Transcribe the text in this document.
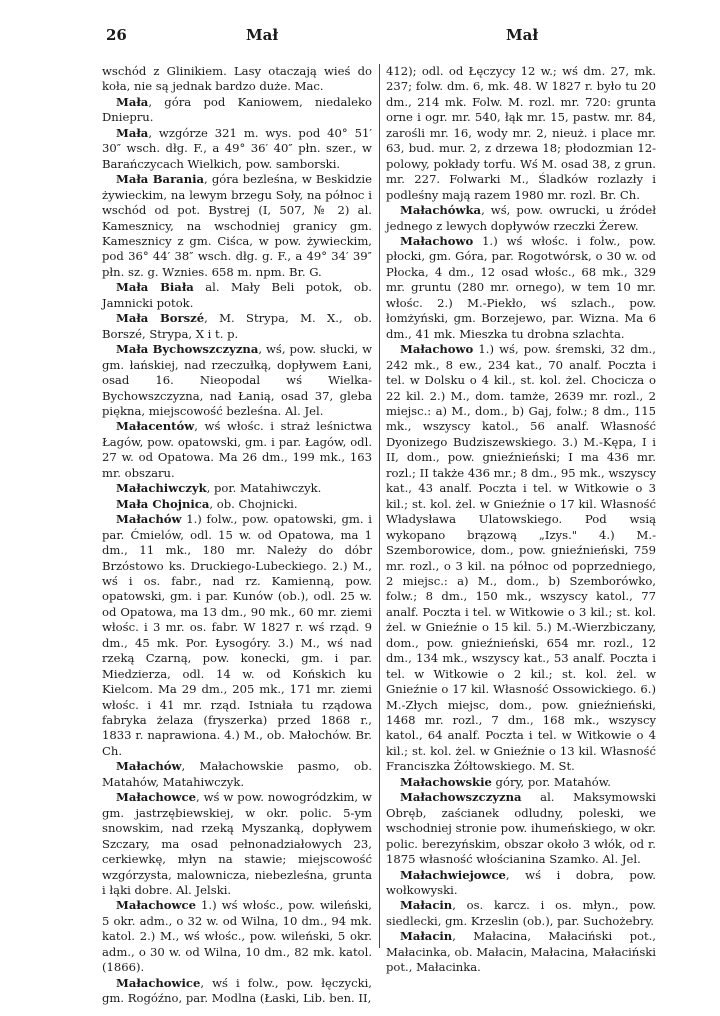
26	Mał	Mał

wschód z Glinikiem. Lasy otaczają wieś do koła, nie są jednak bardzo duże. Mac.

Mała, góra pod Kaniowem, niedaleko Dniepru.

Mała, wzgórze 321 m. wys. pod 40° 51′ 30″ wsch. dłg. F., a 49° 36′ 40″ płn. szer., w Barańczycach Wielkich, pow. samborski.

Mała Barania, góra bezleśna, w Beskidzie żywieckim, na lewym brzegu Soły, na północ i wschód od pot. Bystrej (I, 507, № 2) al. Kamesznicy, na wschodniej granicy gm. Kamesznicy z gm. Ciśca, w pow. żywieckim, pod 36° 44′ 38″ wsch. dłg. g. F., a 49° 34′ 39″ płn. sz. g. Wznies. 658 m. npm. Br. G.

Mała Biała al. Mały Beli potok, ob. Jamnicki potok.

Mała Borszé, M. Strypa, M. X., ob. Borszé, Strypa, X i t. p.

Mała Bychowszczyzna, wś, pow. słucki, w gm. łańskiej, nad rzeczułką, dopływem Łani, osad 16. Nieopodal wś Wielka-Bychowszczyzna, nad Łanią, osad 37, gleba piękna, miejscowość bezleśna. Al. Jel.

Małacentów, wś włośc. i straż leśnictwa Łagów, pow. opatowski, gm. i par. Łagów, odl. 27 w. od Opatowa. Ma 26 dm., 199 mk., 163 mr. obszaru.

Małachiwczyk, por. Matahiwczyk.

Mała Chojnica, ob. Chojnicki.

Małachów 1.) folw., pow. opatowski, gm. i par. Ćmielów, odl. 15 w. od Opatowa, ma 1 dm., 11 mk., 180 mr. Należy do dóbr Brzóstowo ks. Druckiego-Lubeckiego. 2.) M., wś i os. fabr., nad rz. Kamienną, pow. opatowski, gm. i par. Kunów (ob.), odl. 25 w. od Opatowa, ma 13 dm., 90 mk., 60 mr. ziemi włośc. i 3 mr. os. fabr. W 1827 r. wś rząd. 9 dm., 45 mk. Por. Łysogóry. 3.) M., wś nad rzeką Czarną, pow. konecki, gm. i par. Miedzierza, odl. 14 w. od Końskich ku Kielcom. Ma 29 dm., 205 mk., 171 mr. ziemi włośc. i 41 mr. rząd. Istniała tu rządowa fabryka żelaza (fryszerka) przed 1868 r., 1833 r. naprawiona. 4.) M., ob. Małochów. Br. Ch.

Małachów, Małachowskie pasmo, ob. Matahów, Matahiwczyk.

Małachowce, wś w pow. nowogródzkim, w gm. jastrzębiewskiej, w okr. polic. 5-ym snowskim, nad rzeką Myszanką, dopływem Szczary, ma osad pełnonadziałowych 23, cerkiewkę, młyn na stawie; miejscowość wzgórzysta, malownicza, niebezleśna, grunta i łąki dobre. Al. Jelski.

Małachowce 1.) wś włośc., pow. wileński, 5 okr. adm., o 32 w. od Wilna, 10 dm., 94 mk. katol. 2.) M., wś włośc., pow. wileński, 5 okr. adm., o 30 w. od Wilna, 10 dm., 82 mk. katol. (1866).

Małachowice, wś i folw., pow. łęczycki, gm. Rogóźno, par. Modlna (Łaski, Lib. ben. II,

412); odl. od Łęczycy 12 w.; wś dm. 27, mk. 237; folw. dm. 6, mk. 48. W 1827 r. było tu 20 dm., 214 mk. Folw. M. rozl. mr. 720: grunta orne i ogr. mr. 540, łąk mr. 15, pastw. mr. 84, zarośli mr. 16, wody mr. 2, nieuż. i place mr. 63, bud. mur. 2, z drzewa 18; płodozmian 12-polowy, pokłady torfu. Wś M. osad 38, z grun. mr. 227. Folwarki M., Śladków rozlazły i podleśny mają razem 1980 mr. rozl. Br. Ch.

Małachówka, wś, pow. owrucki, u źródeł jednego z lewych dopływów rzeczki Żerew.

Małachowo 1.) wś włośc. i folw., pow. płocki, gm. Góra, par. Rogotwórsk, o 30 w. od Płocka, 4 dm., 12 osad włośc., 68 mk., 329 mr. gruntu (280 mr. ornego), w tem 10 mr. włośc. 2.) M.-Piekło, wś szlach., pow. łomżyński, gm. Borzejewo, par. Wizna. Ma 6 dm., 41 mk. Mieszka tu drobna szlachta.

Małachowo 1.) wś, pow. śremski, 32 dm., 242 mk., 8 ew., 234 kat., 70 analf. Poczta i tel. w Dolsku o 4 kil., st. kol. żel. Chocicza o 22 kil. 2.) M., dom. tamże, 2639 mr. rozl., 2 miejsc.: a) M., dom., b) Gaj, folw.; 8 dm., 115 mk., wszyscy katol., 56 analf. Własność Dyonizego Budziszewskiego. 3.) M.-Kępa, I i II, dom., pow. gnieźnieński; I ma 436 mr. rozl.; II także 436 mr.; 8 dm., 95 mk., wszyscy kat., 43 analf. Poczta i tel. w Witkowie o 3 kil.; st. kol. żel. w Gnieźnie o 17 kil. Własność Władysława Ulatowskiego. Pod wsią wykopano brązową „Izys." 4.) M.-Szemborowice, dom., pow. gnieźnieński, 759 mr. rozl., o 3 kil. na północ od poprzedniego, 2 miejsc.: a) M., dom., b) Szemborówko, folw.; 8 dm., 150 mk., wszyscy katol., 77 analf. Poczta i tel. w Witkowie o 3 kil.; st. kol. żel. w Gnieźnie o 15 kil. 5.) M.-Wierzbiczany, dom., pow. gnieźnieński, 654 mr. rozl., 12 dm., 134 mk., wszyscy kat., 53 analf. Poczta i tel. w Witkowie o 2 kil.; st. kol. żel. w Gnieźnie o 17 kil. Własność Ossowickiego. 6.) M.-Złych miejsc, dom., pow. gnieźnieński, 1468 mr. rozl., 7 dm., 168 mk., wszyscy katol., 64 analf. Poczta i tel. w Witkowie o 4 kil.; st. kol. żel. w Gnieźnie o 13 kil. Własność Franciszka Żółtowskiego. M. St.

Małachowskie góry, por. Matahów.

Małachowszczyzna al. Maksymowski Obręb, zaścianek odludny, poleski, we wschodniej stronie pow. ihumeńskiego, w okr. polic. berezyńskim, obszar około 3 włók, od r. 1875 własność włościanina Szamko. Al. Jel.

Małachwiejowce, wś i dobra, pow. wołkowyski.

Małacin, os. karcz. i os. młyn., pow. siedlecki, gm. Krzeslin (ob.), par. Suchożebry.

Małacin, Małacina, Małaciński pot., Małacinka, ob. Małacin, Małacina, Małaciński pot., Małacinka.
